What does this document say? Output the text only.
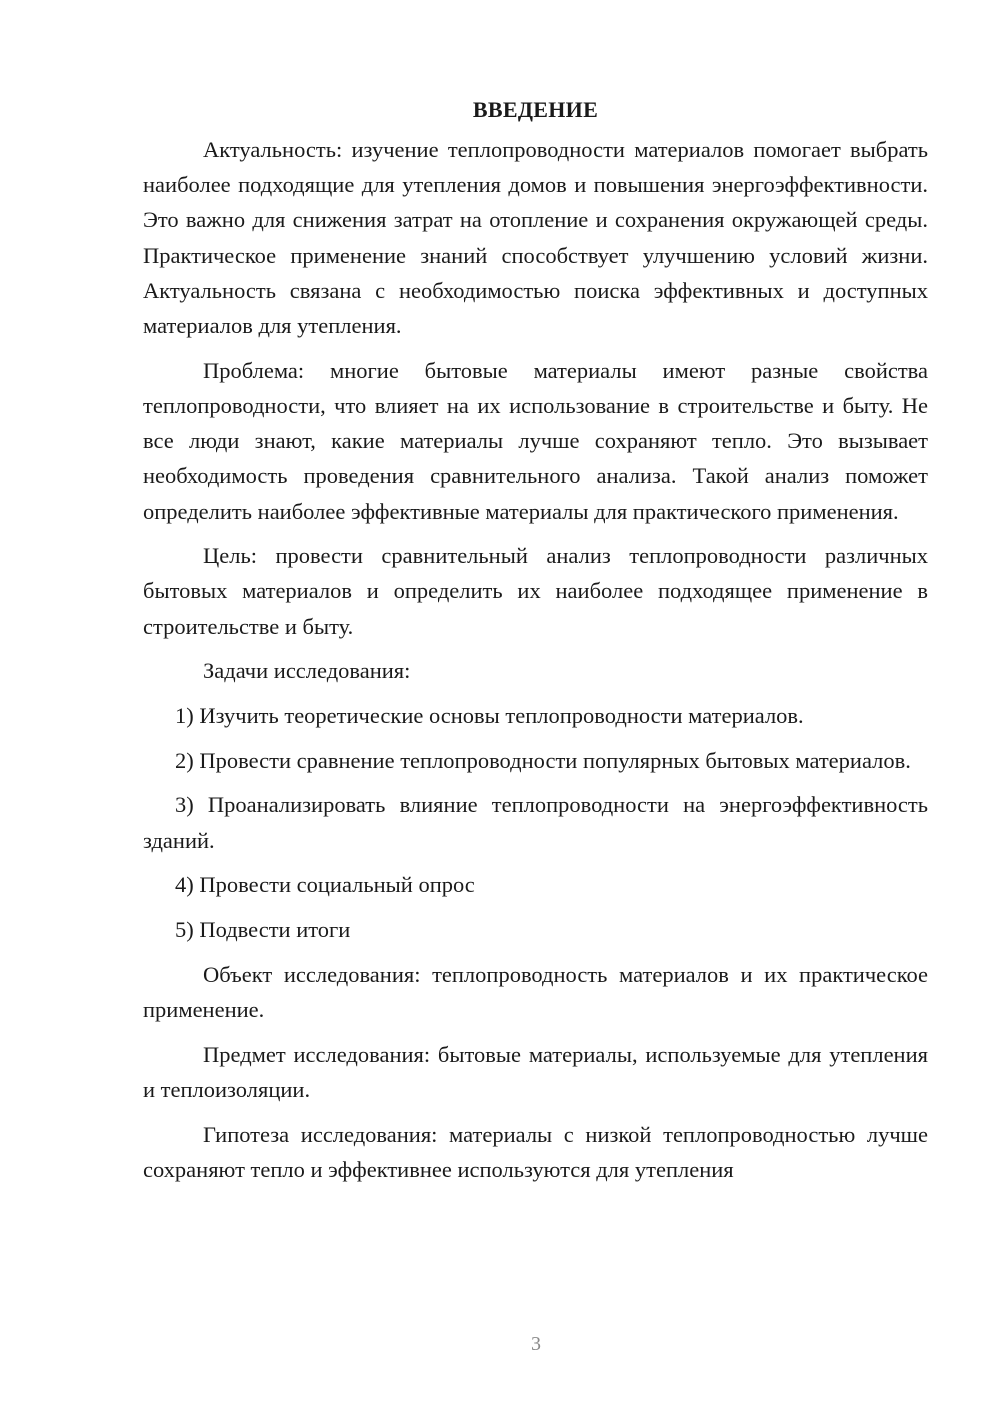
ВВЕДЕНИЕ

Актуальность: изучение теплопроводности материалов помогает выбрать наиболее подходящие для утепления домов и повышения энергоэффективности. Это важно для снижения затрат на отопление и сохранения окружающей среды. Практическое применение знаний способствует улучшению условий жизни. Актуальность связана с необходимостью поиска эффективных и доступных материалов для утепления.

Проблема: многие бытовые материалы имеют разные свойства теплопроводности, что влияет на их использование в строительстве и быту. Не все люди знают, какие материалы лучше сохраняют тепло. Это вызывает необходимость проведения сравнительного анализа. Такой анализ поможет определить наиболее эффективные материалы для практического применения.

Цель: провести сравнительный анализ теплопроводности различных бытовых материалов и определить их наиболее подходящее применение в строительстве и быту.

Задачи исследования:

1) Изучить теоретические основы теплопроводности материалов.

2) Провести сравнение теплопроводности популярных бытовых материалов.

3) Проанализировать влияние теплопроводности на энергоэффективность зданий.

4) Провести социальный опрос

5) Подвести итоги

Объект исследования: теплопроводность материалов и их практическое применение.

Предмет исследования: бытовые материалы, используемые для утепления и теплоизоляции.

Гипотеза исследования: материалы с низкой теплопроводностью лучше сохраняют тепло и эффективнее используются для утепления

3
